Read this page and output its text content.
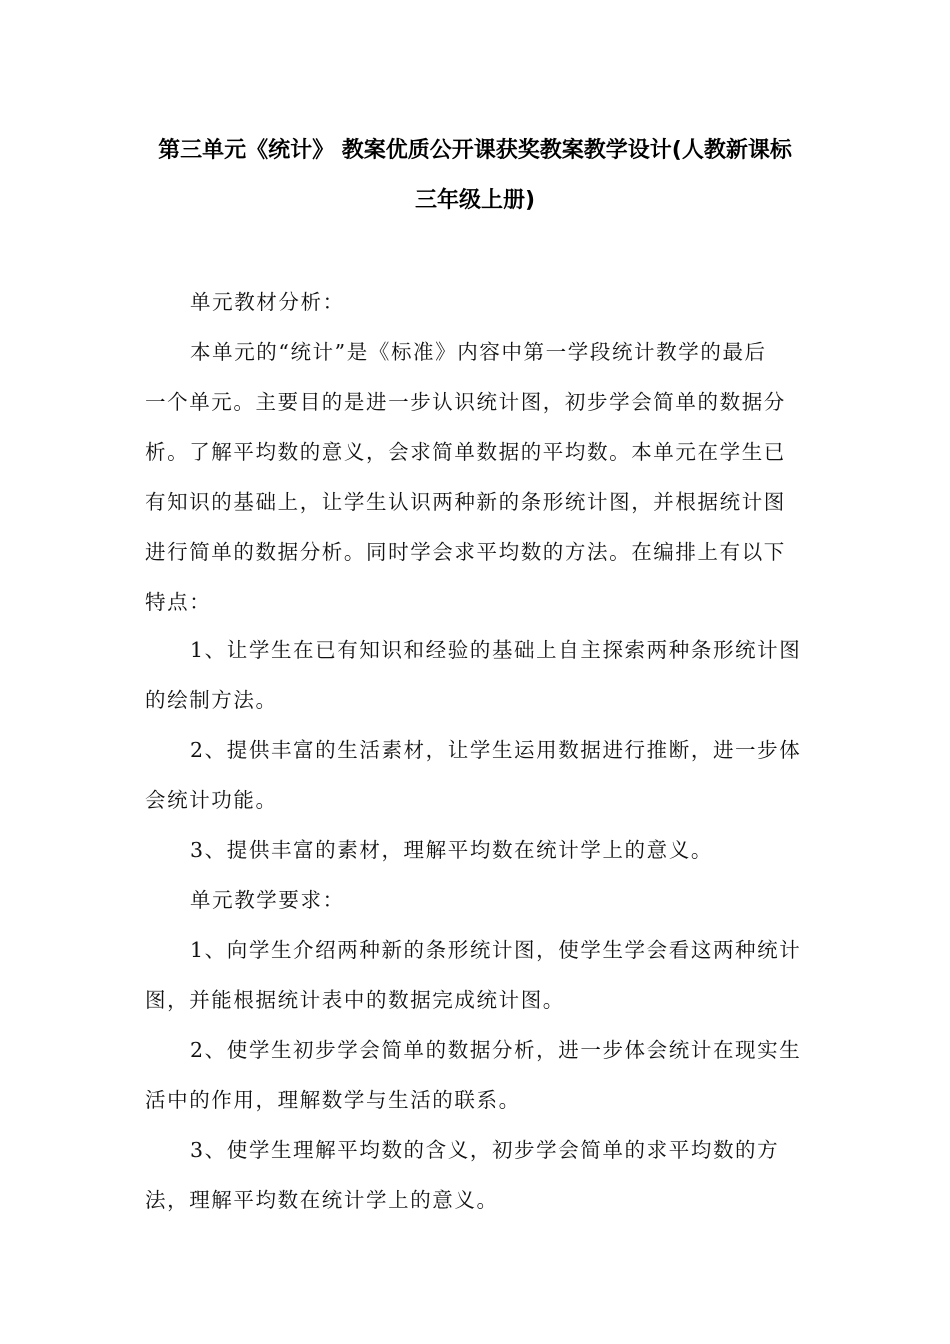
第三单元《统计》 教案优质公开课获奖教案教学设计(人教新课标
三年级上册)
单元教材分析：
本单元的“统计”是《标准》内容中第一学段统计教学的最后
一个单元。主要目的是进一步认识统计图，初步学会简单的数据分
析。了解平均数的意义，会求简单数据的平均数。本单元在学生已
有知识的基础上，让学生认识两种新的条形统计图，并根据统计图
进行简单的数据分析。同时学会求平均数的方法。在编排上有以下
特点：
1、让学生在已有知识和经验的基础上自主探索两种条形统计图
的绘制方法。
2、提供丰富的生活素材，让学生运用数据进行推断，进一步体
会统计功能。
3、提供丰富的素材，理解平均数在统计学上的意义。
单元教学要求：
1、向学生介绍两种新的条形统计图，使学生学会看这两种统计
图，并能根据统计表中的数据完成统计图。
2、使学生初步学会简单的数据分析，进一步体会统计在现实生
活中的作用，理解数学与生活的联系。
3、使学生理解平均数的含义，初步学会简单的求平均数的方
法，理解平均数在统计学上的意义。
